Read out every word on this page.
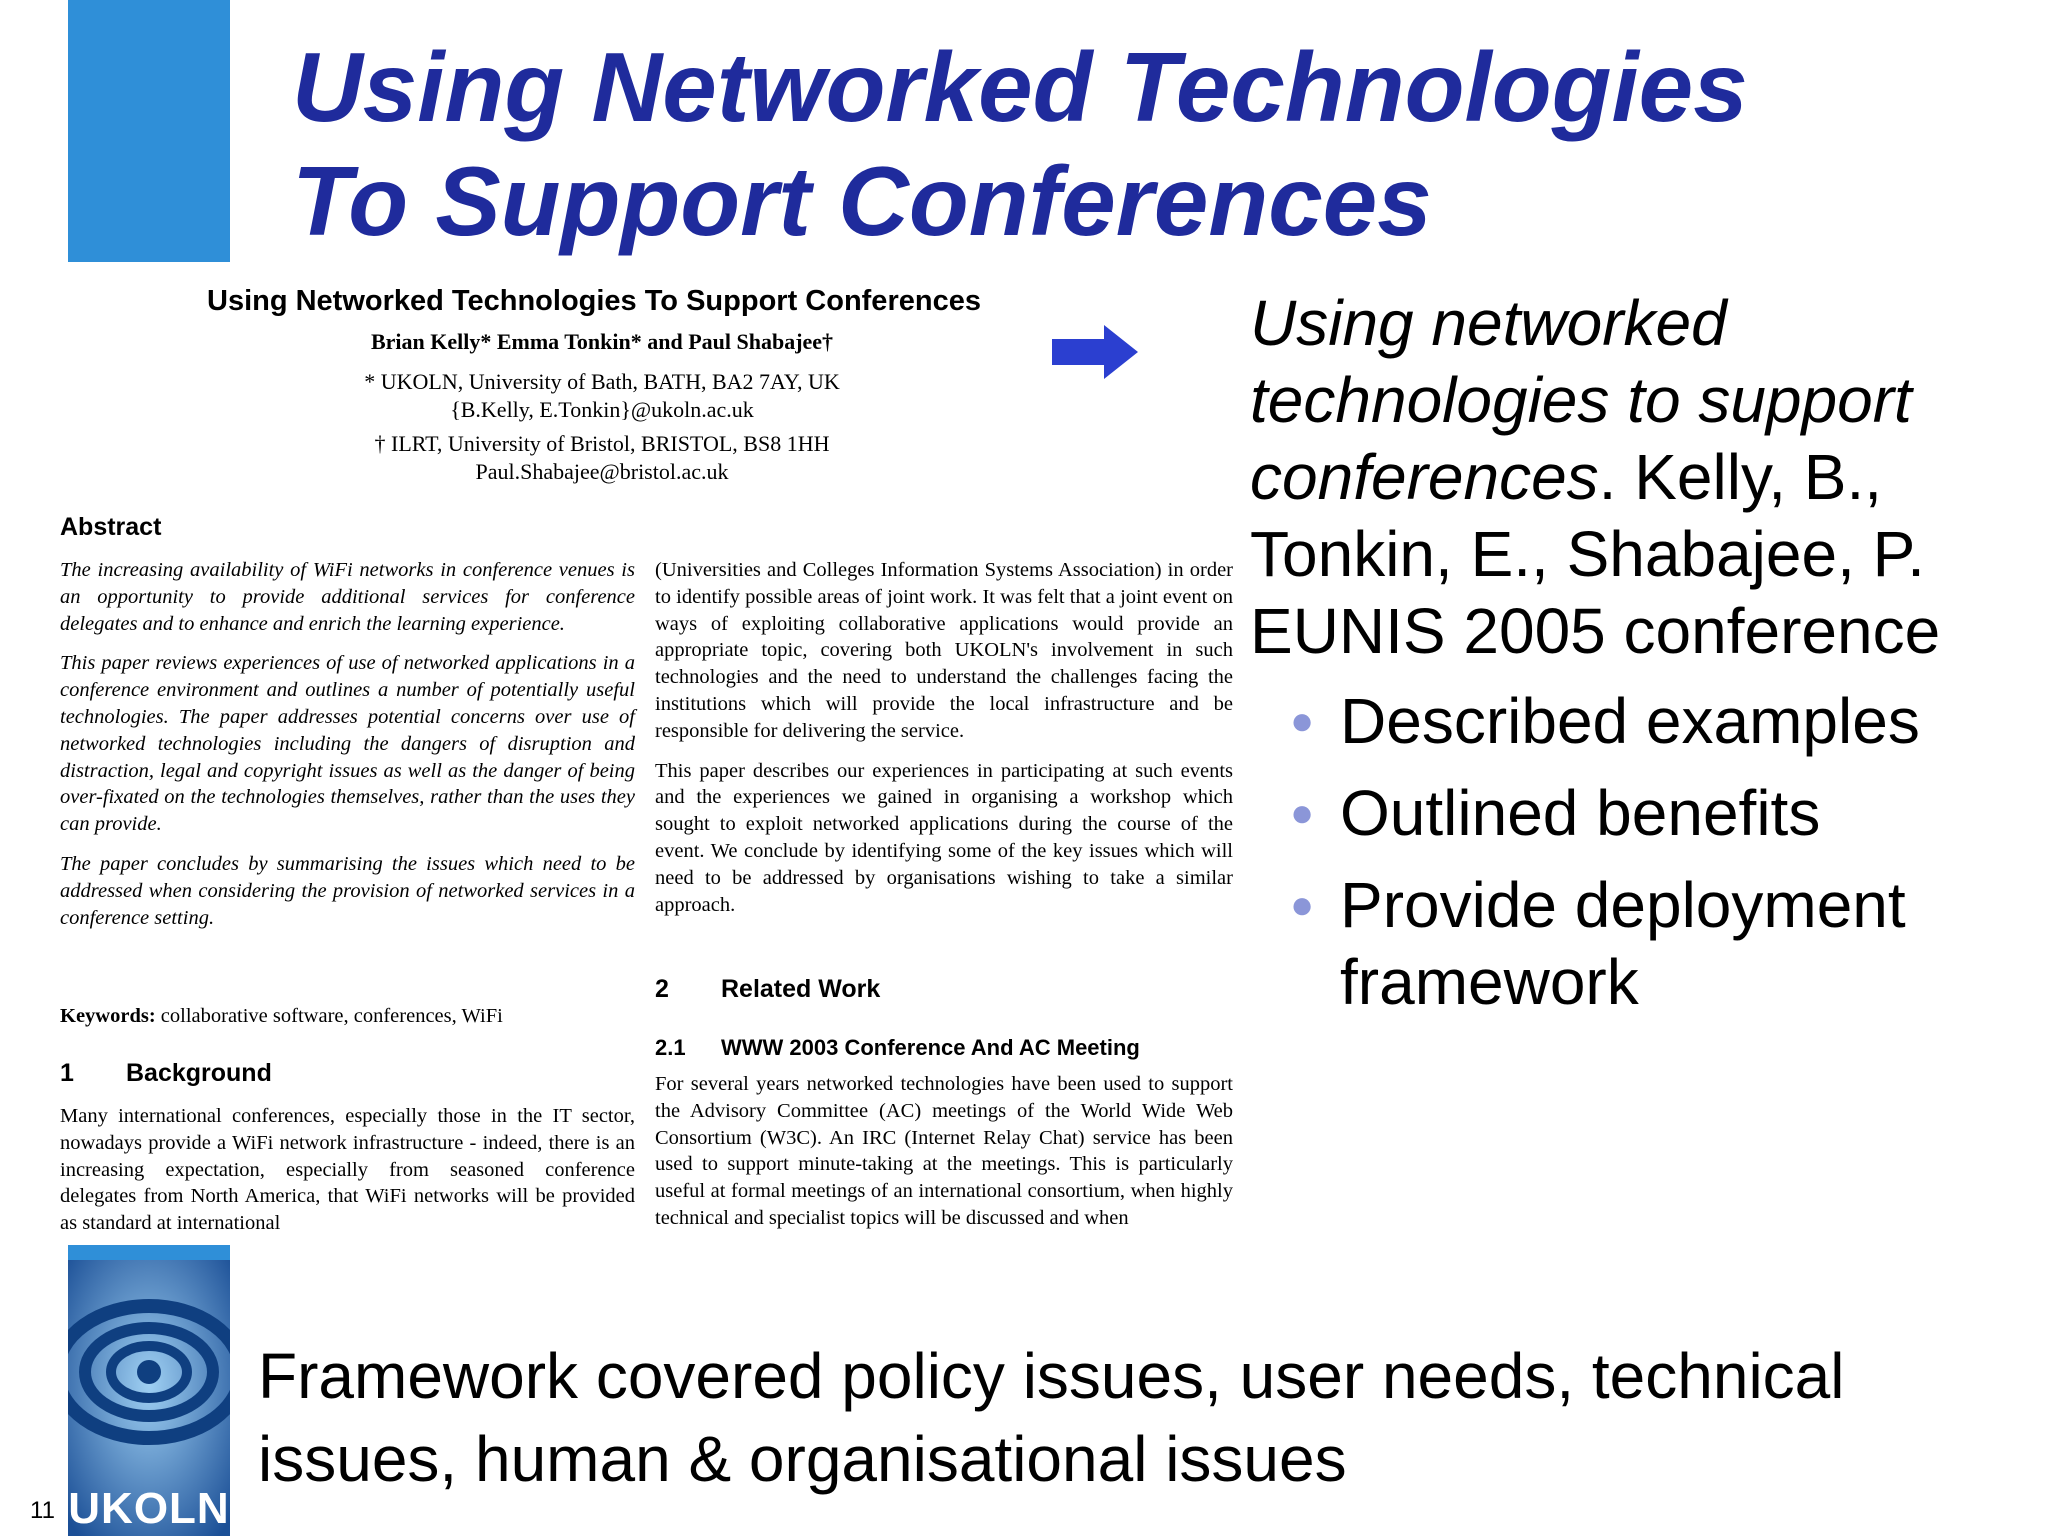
Using Networked Technologies
To Support Conferences
Using Networked Technologies To Support Conferences
Brian Kelly* Emma Tonkin* and Paul Shabajee†
* UKOLN, University of Bath, BATH, BA2 7AY, UK
{B.Kelly, E.Tonkin}@ukoln.ac.uk
† ILRT, University of Bristol, BRISTOL, BS8 1HH
Paul.Shabajee@bristol.ac.uk
Abstract

The increasing availability of WiFi networks in conference venues is an opportunity to provide additional services for conference delegates and to enhance and enrich the learning experience.

This paper reviews experiences of use of networked applications in a conference environment and outlines a number of potentially useful technologies. The paper addresses potential concerns over use of networked technologies including the dangers of disruption and distraction, legal and copyright issues as well as the danger of being over-fixated on the technologies themselves, rather than the uses they can provide.

The paper concludes by summarising the issues which need to be addressed when considering the provision of networked services in a conference setting.

Keywords: collaborative software, conferences, WiFi
1 Background
Many international conferences, especially those in the IT sector, nowadays provide a WiFi network infrastructure - indeed, there is an increasing expectation, especially from seasoned conference delegates from North America, that WiFi networks will be provided as standard at international

(Universities and Colleges Information Systems Association) in order to identify possible areas of joint work. It was felt that a joint event on ways of exploiting collaborative applications would provide an appropriate topic, covering both UKOLN's involvement in such technologies and the need to understand the challenges facing the institutions which will provide the local infrastructure and be responsible for delivering the service.

This paper describes our experiences in participating at such events and the experiences we gained in organising a workshop which sought to exploit networked applications during the course of the event. We conclude by identifying some of the key issues which will need to be addressed by organisations wishing to take a similar approach.

2 Related Work
2.1 WWW 2003 Conference And AC Meeting
For several years networked technologies have been used to support the Advisory Committee (AC) meetings of the World Wide Web Consortium (W3C). An IRC (Internet Relay Chat) service has been used to support minute-taking at the meetings. This is particularly useful at formal meetings of an international consortium, when highly technical and specialist topics will be discussed and when
Using networked technologies to support conferences. Kelly, B., Tonkin, E., Shabajee, P. EUNIS 2005 conference
● Described examples
● Outlined benefits
● Provide deployment framework
Framework covered policy issues, user needs, technical issues, human & organisational issues
UKOLN
11
